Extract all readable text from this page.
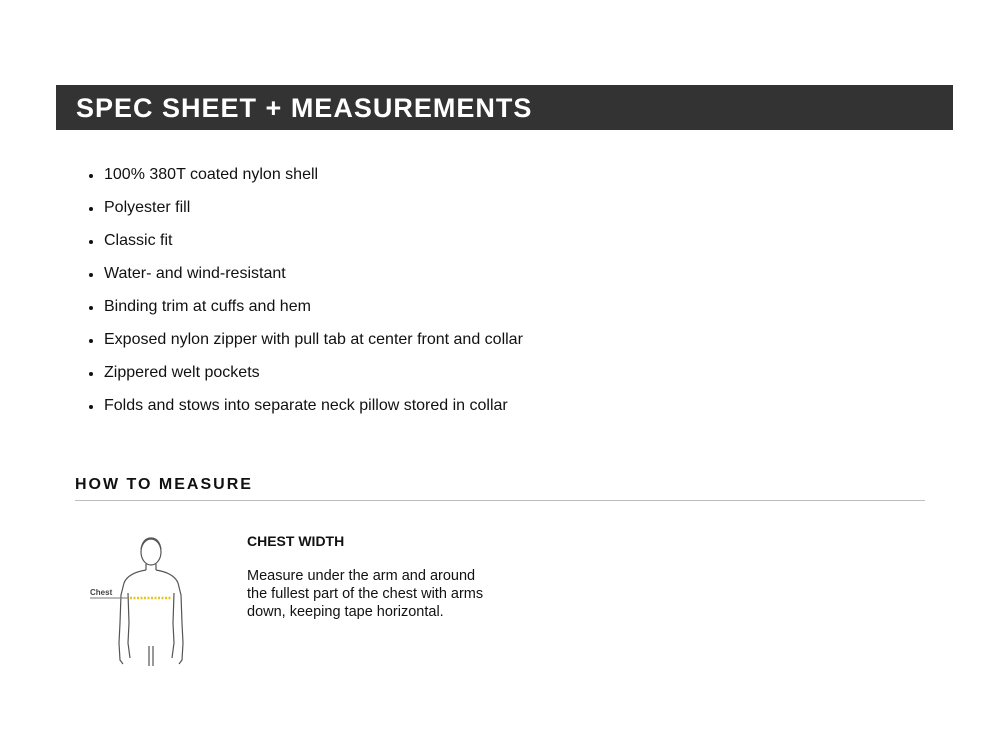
SPEC SHEET + MEASUREMENTS
100% 380T coated nylon shell
Polyester fill
Classic fit
Water- and wind-resistant
Binding trim at cuffs and hem
Exposed nylon zipper with pull tab at center front and collar
Zippered welt pockets
Folds and stows into separate neck pillow stored in collar
HOW TO MEASURE
Chest

CHEST WIDTH

Measure under the arm and around the fullest part of the chest with arms down, keeping tape horizontal.
